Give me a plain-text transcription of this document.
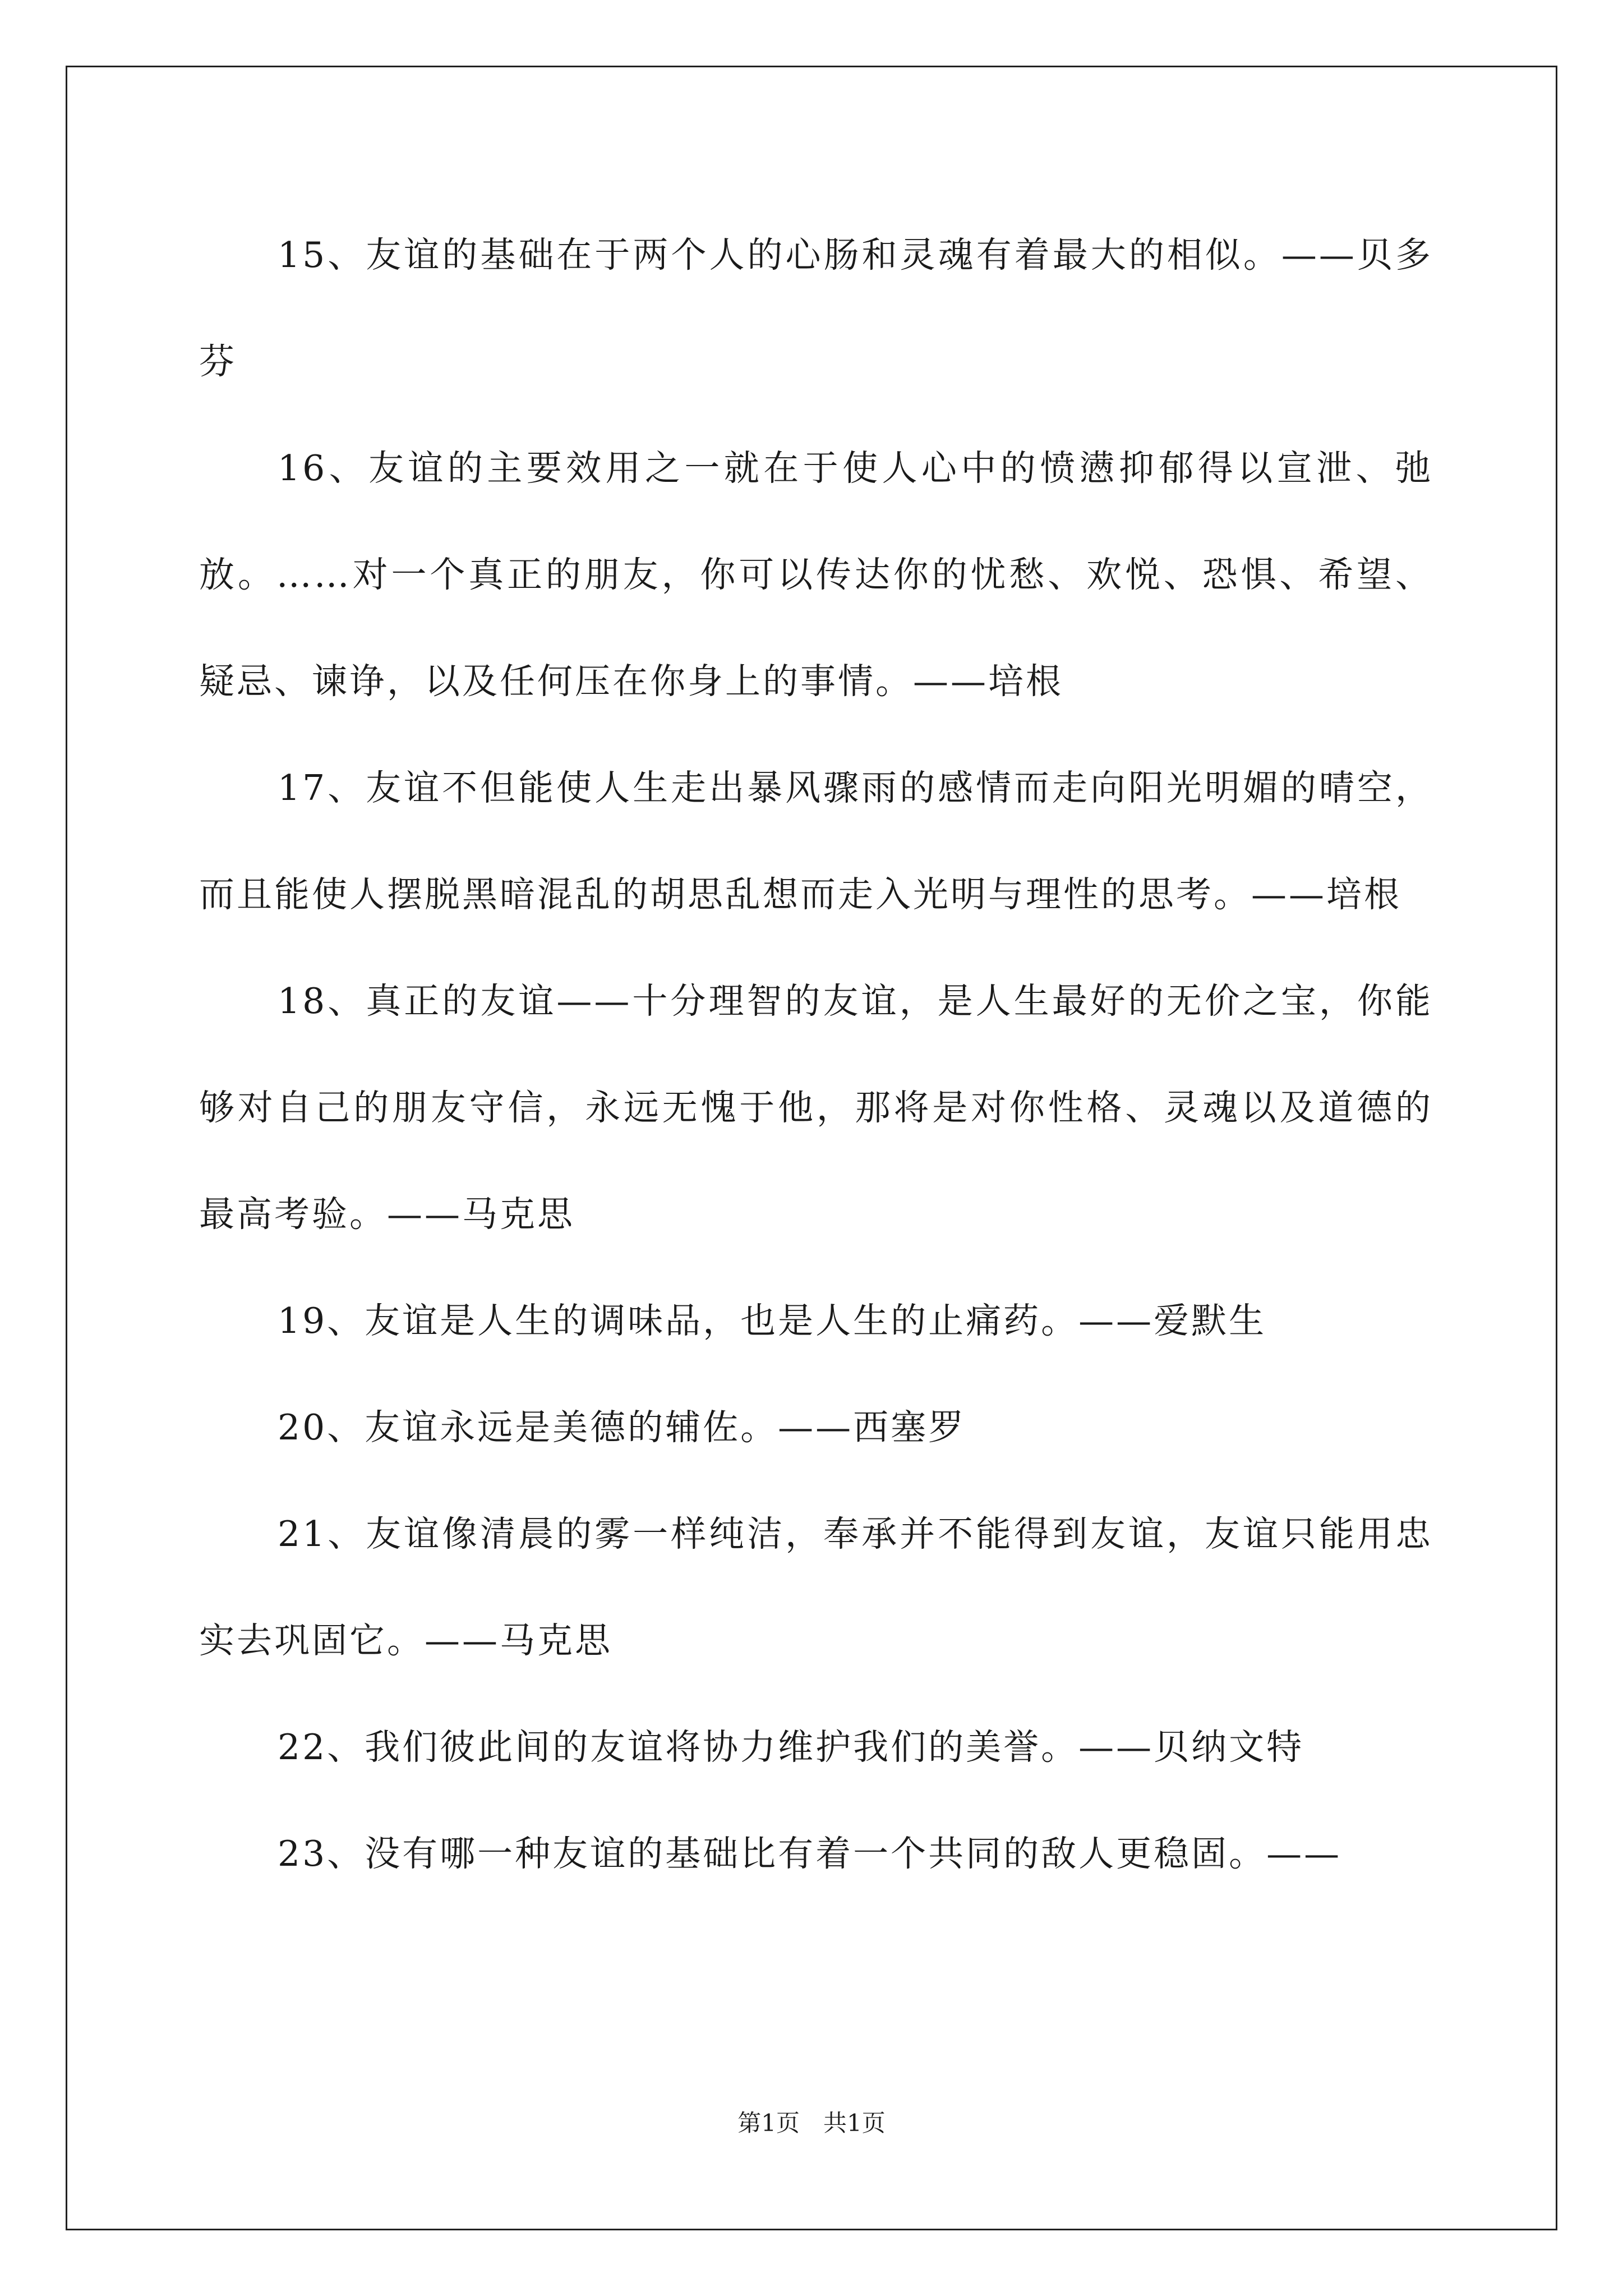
15、友谊的基础在于两个人的心肠和灵魂有着最大的相似。——贝多芬

16、友谊的主要效用之一就在于使人心中的愤懑抑郁得以宣泄、弛放。……对一个真正的朋友，你可以传达你的忧愁、欢悦、恐惧、希望、疑忌、谏诤，以及任何压在你身上的事情。——培根

17、友谊不但能使人生走出暴风骤雨的感情而走向阳光明媚的晴空，而且能使人摆脱黑暗混乱的胡思乱想而走入光明与理性的思考。——培根

18、真正的友谊——十分理智的友谊，是人生最好的无价之宝，你能够对自己的朋友守信，永远无愧于他，那将是对你性格、灵魂以及道德的最高考验。——马克思

19、友谊是人生的调味品，也是人生的止痛药。——爱默生

20、友谊永远是美德的辅佐。——西塞罗

21、友谊像清晨的雾一样纯洁，奉承并不能得到友谊，友谊只能用忠实去巩固它。——马克思

22、我们彼此间的友谊将协力维护我们的美誉。——贝纳文特

23、没有哪一种友谊的基础比有着一个共同的敌人更稳固。——

第1页　共1页
